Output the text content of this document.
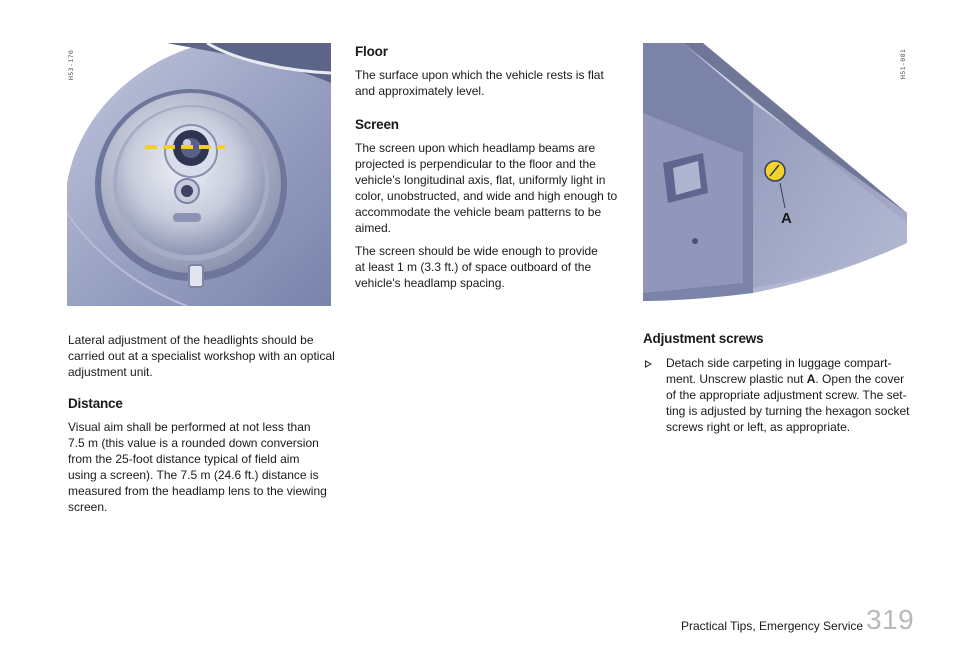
H53-170
A
H51-081
Floor

The surface upon which the vehicle rests is flat and approximately level.

Screen

The screen upon which headlamp beams are projected is perpendicular to the floor and the vehicle's longitudinal axis, flat, uniformly light in color, unobstructed, and wide and high enough to accommodate the vehicle beam patterns to be aimed.

The screen should be wide enough to provide at least 1 m (3.3 ft.) of space outboard of the vehicle's headlamp spacing.

Lateral adjustment of the headlights should be carried out at a specialist workshop with an optical adjustment unit.

Distance

Visual aim shall be performed at not less than 7.5 m (this value is a rounded down conversion from the 25-foot distance typical of field aim using a screen). The 7.5 m (24.6 ft.) distance is measured from the headlamp lens to the viewing screen.

Adjustment screws
Detach side carpeting in luggage compart-ment. Unscrew plastic nut A. Open the cover of the appropriate adjustment screw. The set-ting is adjusted by turning the hexagon socket screws right or left, as appropriate.
Practical Tips, Emergency Service 319
